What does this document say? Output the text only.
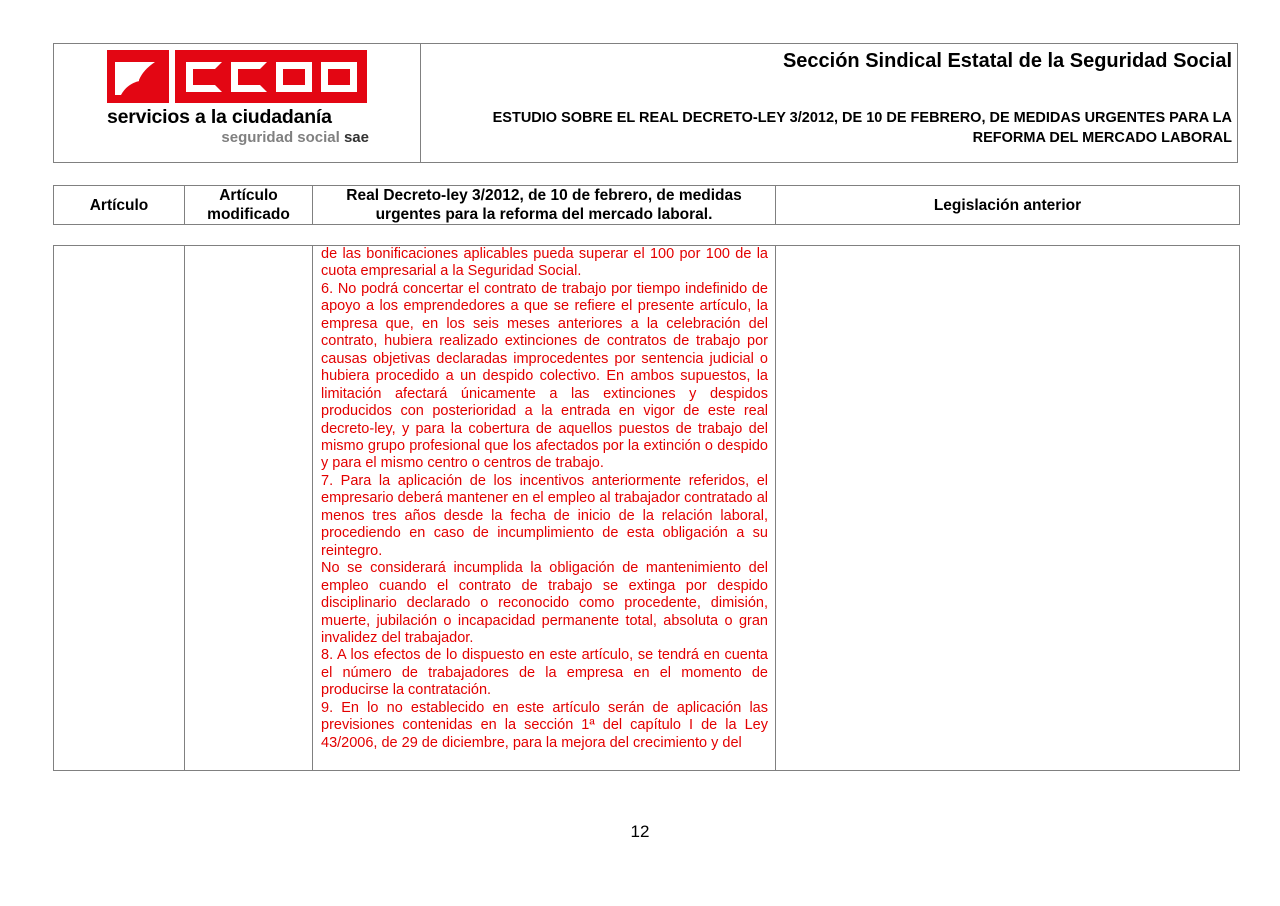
servicios a la ciudadanía
seguridad social sae
Sección Sindical Estatal de la Seguridad Social
ESTUDIO SOBRE EL REAL DECRETO-LEY 3/2012, DE 10 DE FEBRERO, DE MEDIDAS URGENTES PARA LA
REFORMA DEL MERCADO LABORAL
Artículo	Artículo modificado	Real Decreto-ley 3/2012, de 10 de febrero, de medidas urgentes para la reforma del mercado laboral.	Legislación anterior

de las bonificaciones aplicables pueda superar el 100 por 100 de la cuota empresarial a la Seguridad Social.

6. No podrá concertar el contrato de trabajo por tiempo indefinido de apoyo a los emprendedores a que se refiere el presente artículo, la empresa que, en los seis meses anteriores a la celebración del contrato, hubiera realizado extinciones de contratos de trabajo por causas objetivas declaradas improcedentes por sentencia judicial o hubiera procedido a un despido colectivo. En ambos supuestos, la limitación afectará únicamente a las extinciones y despidos producidos con posterioridad a la entrada en vigor de este real decreto-ley, y para la cobertura de aquellos puestos de trabajo del mismo grupo profesional que los afectados por la extinción o despido y para el mismo centro o centros de trabajo.

7. Para la aplicación de los incentivos anteriormente referidos, el empresario deberá mantener en el empleo al trabajador contratado al menos tres años desde la fecha de inicio de la relación laboral, procediendo en caso de incumplimiento de esta obligación a su reintegro.

No se considerará incumplida la obligación de mantenimiento del empleo cuando el contrato de trabajo se extinga por despido disciplinario declarado o reconocido como procedente, dimisión, muerte, jubilación o incapacidad permanente total, absoluta o gran invalidez del trabajador.

8. A los efectos de lo dispuesto en este artículo, se tendrá en cuenta el número de trabajadores de la empresa en el momento de producirse la contratación.

9. En lo no establecido en este artículo serán de aplicación las previsiones contenidas en la sección 1ª del capítulo I de la Ley 43/2006, de 29 de diciembre, para la mejora del crecimiento y del

12
